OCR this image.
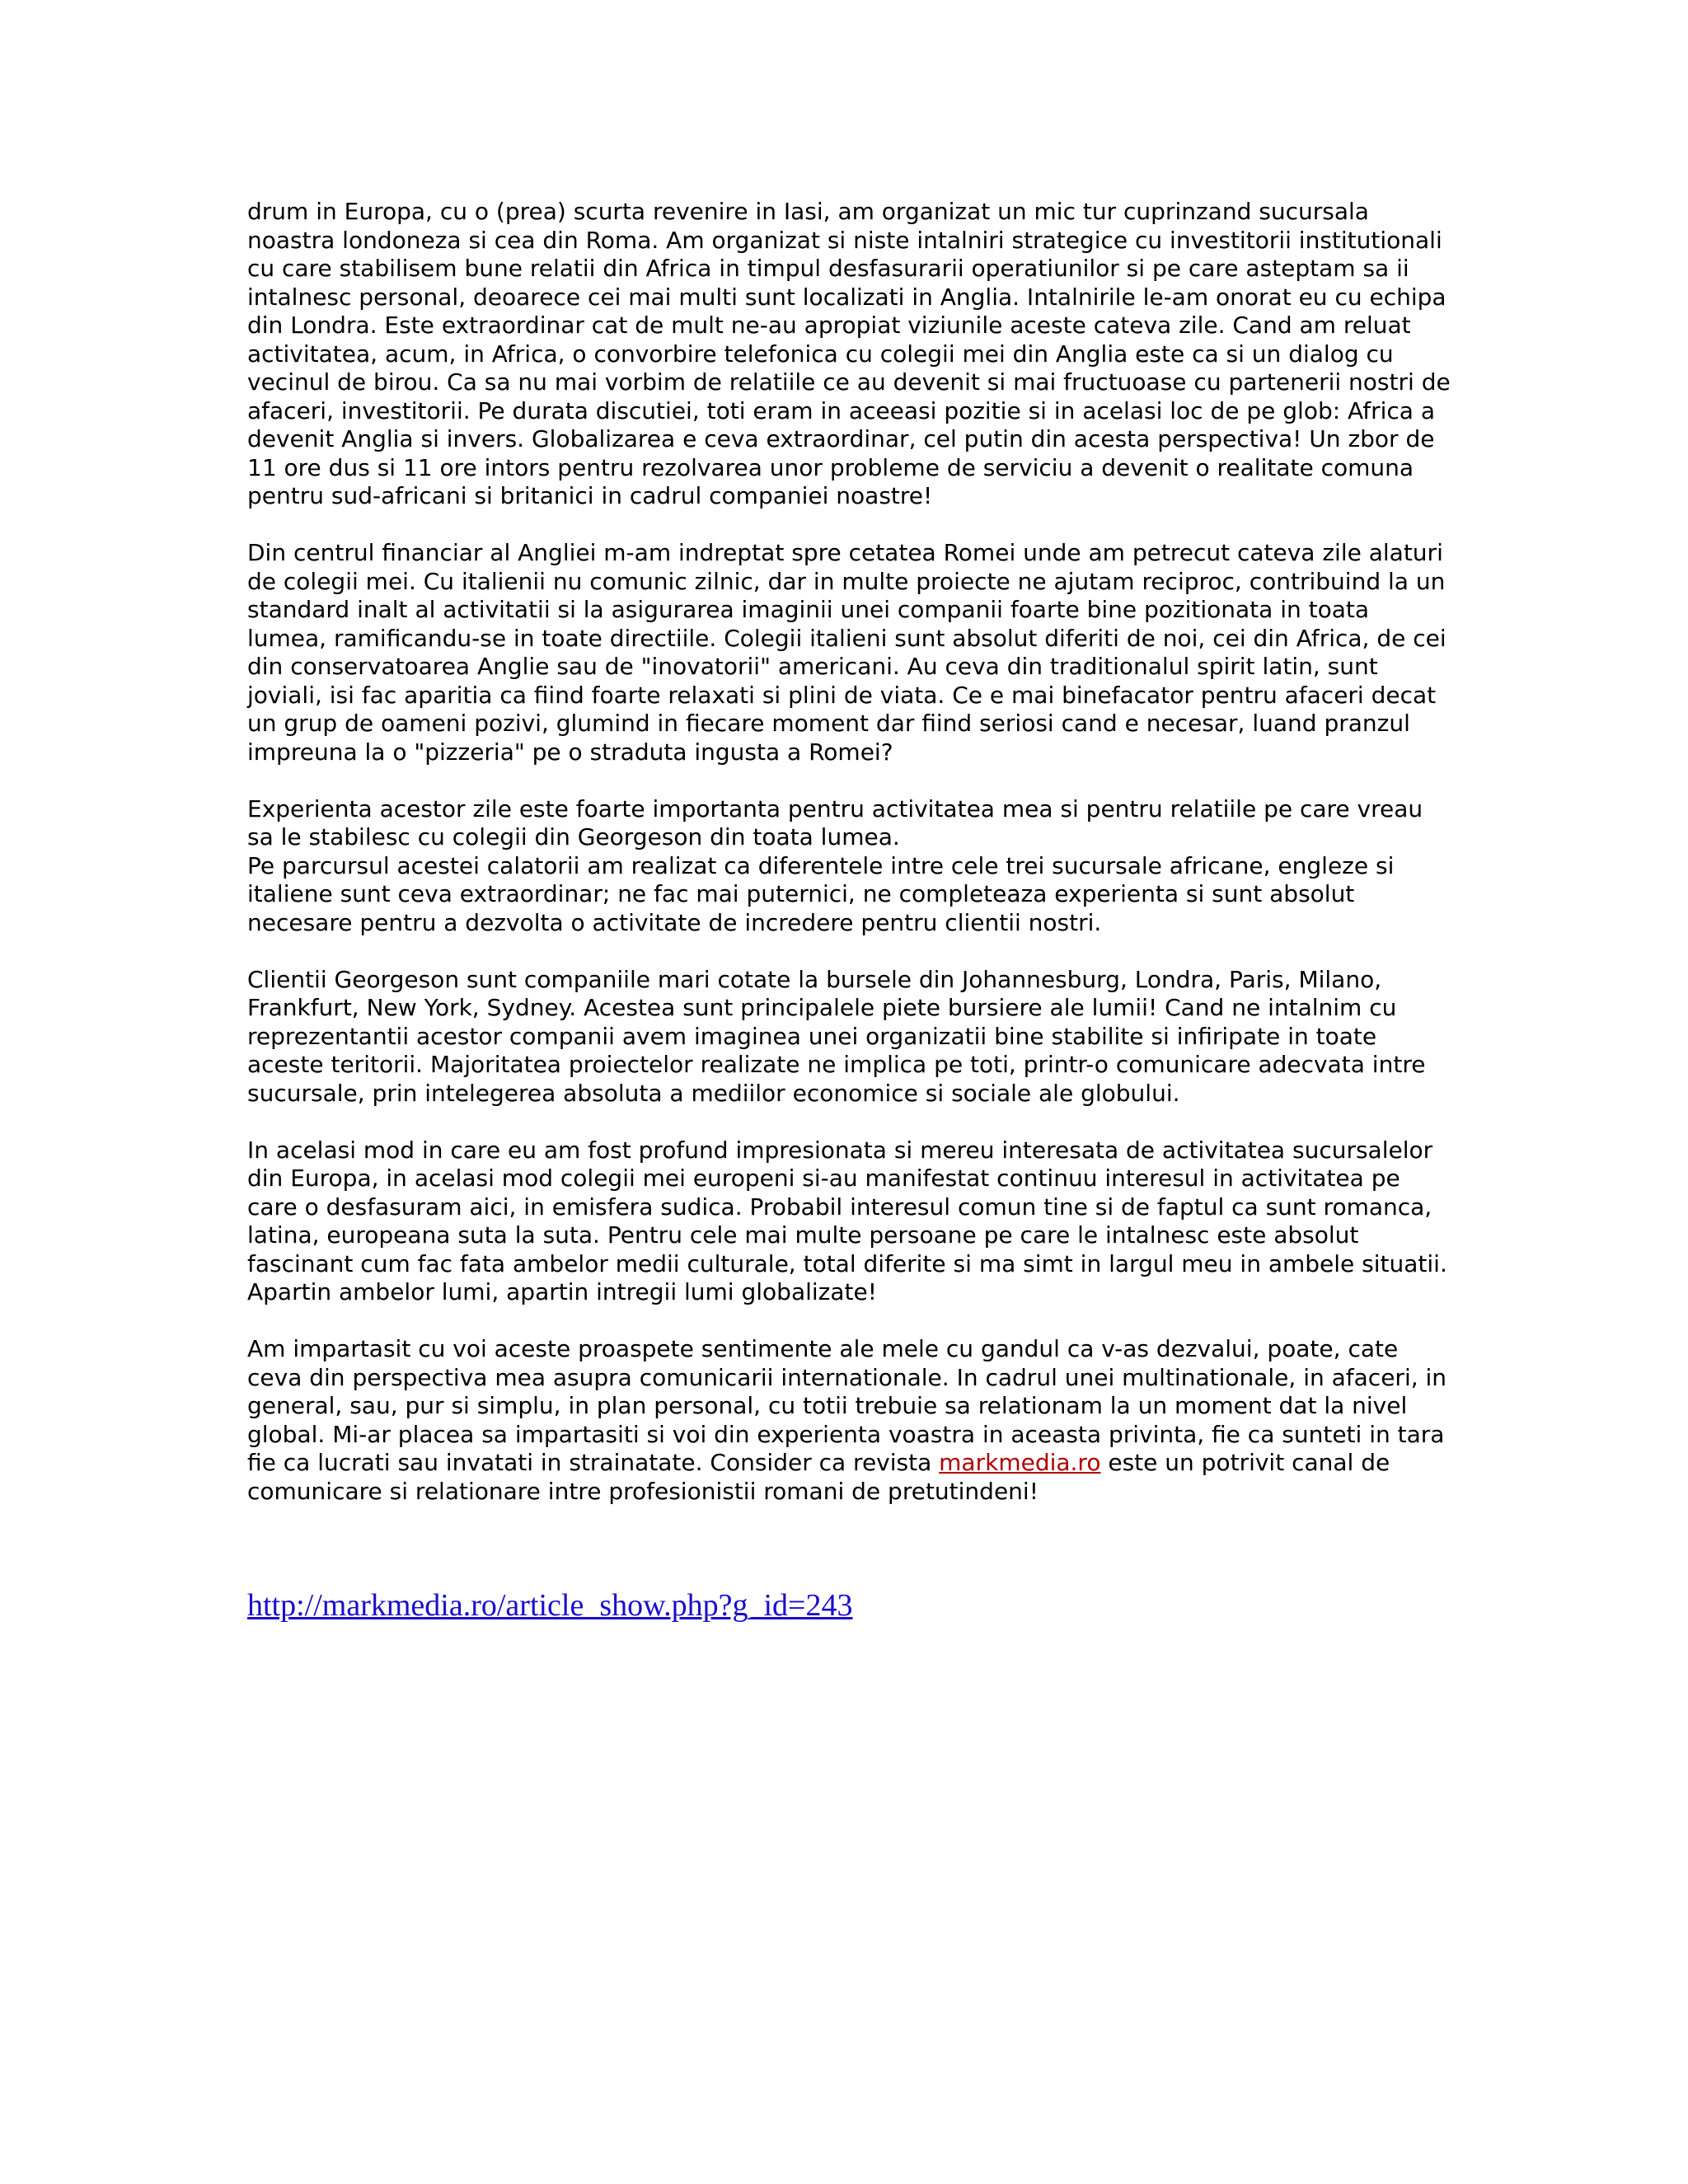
drum in Europa, cu o (prea) scurta revenire in Iasi, am organizat un mic tur cuprinzand sucursala noastra londoneza si cea din Roma. Am organizat si niste intalniri strategice cu investitorii institutionali cu care stabilisem bune relatii din Africa in timpul desfasurarii operatiunilor si pe care asteptam sa ii intalnesc personal, deoarece cei mai multi sunt localizati in Anglia. Intalnirile le-am onorat eu cu echipa din Londra. Este extraordinar cat de mult ne-au apropiat viziunile aceste cateva zile. Cand am reluat activitatea, acum, in Africa, o convorbire telefonica cu colegii mei din Anglia este ca si un dialog cu vecinul de birou. Ca sa nu mai vorbim de relatiile ce au devenit si mai fructuoase cu partenerii nostri de afaceri, investitorii. Pe durata discutiei, toti eram in aceeasi pozitie si in acelasi loc de pe glob: Africa a devenit Anglia si invers. Globalizarea e ceva extraordinar, cel putin din acesta perspectiva! Un zbor de 11 ore dus si 11 ore intors pentru rezolvarea unor probleme de serviciu a devenit o realitate comuna pentru sud-africani si britanici in cadrul companiei noastre!

Din centrul financiar al Angliei m-am indreptat spre cetatea Romei unde am petrecut cateva zile alaturi de colegii mei. Cu italienii nu comunic zilnic, dar in multe proiecte ne ajutam reciproc, contribuind la un standard inalt al activitatii si la asigurarea imaginii unei companii foarte bine pozitionata in toata lumea, ramificandu-se in toate directiile. Colegii italieni sunt absolut diferiti de noi, cei din Africa, de cei din conservatoarea Anglie sau de "inovatorii" americani. Au ceva din traditionalul spirit latin, sunt joviali, isi fac aparitia ca fiind foarte relaxati si plini de viata. Ce e mai binefacator pentru afaceri decat un grup de oameni pozivi, glumind in fiecare moment dar fiind seriosi cand e necesar, luand pranzul impreuna la o "pizzeria" pe o straduta ingusta a Romei?

Experienta acestor zile este foarte importanta pentru activitatea mea si pentru relatiile pe care vreau sa le stabilesc cu colegii din Georgeson din toata lumea.

Pe parcursul acestei calatorii am realizat ca diferentele intre cele trei sucursale africane, engleze si italiene sunt ceva extraordinar; ne fac mai puternici, ne completeaza experienta si sunt absolut necesare pentru a dezvolta o activitate de incredere pentru clientii nostri.

Clientii Georgeson sunt companiile mari cotate la bursele din Johannesburg, Londra, Paris, Milano, Frankfurt, New York, Sydney. Acestea sunt principalele piete bursiere ale lumii! Cand ne intalnim cu reprezentantii acestor companii avem imaginea unei organizatii bine stabilite si infiripate in toate aceste teritorii. Majoritatea proiectelor realizate ne implica pe toti, printr-o comunicare adecvata intre sucursale, prin intelegerea absoluta a mediilor economice si sociale ale globului.

In acelasi mod in care eu am fost profund impresionata si mereu interesata de activitatea sucursalelor din Europa, in acelasi mod colegii mei europeni si-au manifestat continuu interesul in activitatea pe care o desfasuram aici, in emisfera sudica. Probabil interesul comun tine si de faptul ca sunt romanca, latina, europeana suta la suta. Pentru cele mai multe persoane pe care le intalnesc este absolut fascinant cum fac fata ambelor medii culturale, total diferite si ma simt in largul meu in ambele situatii. Apartin ambelor lumi, apartin intregii lumi globalizate!

Am impartasit cu voi aceste proaspete sentimente ale mele cu gandul ca v-as dezvalui, poate, cate ceva din perspectiva mea asupra comunicarii internationale. In cadrul unei multinationale, in afaceri, in general, sau, pur si simplu, in plan personal, cu totii trebuie sa relationam la un moment dat la nivel global. Mi-ar placea sa impartasiti si voi din experienta voastra in aceasta privinta, fie ca sunteti in tara fie ca lucrati sau invatati in strainatate. Consider ca revista markmedia.ro este un potrivit canal de comunicare si relationare intre profesionistii romani de pretutindeni!

http://markmedia.ro/article_show.php?g_id=243
